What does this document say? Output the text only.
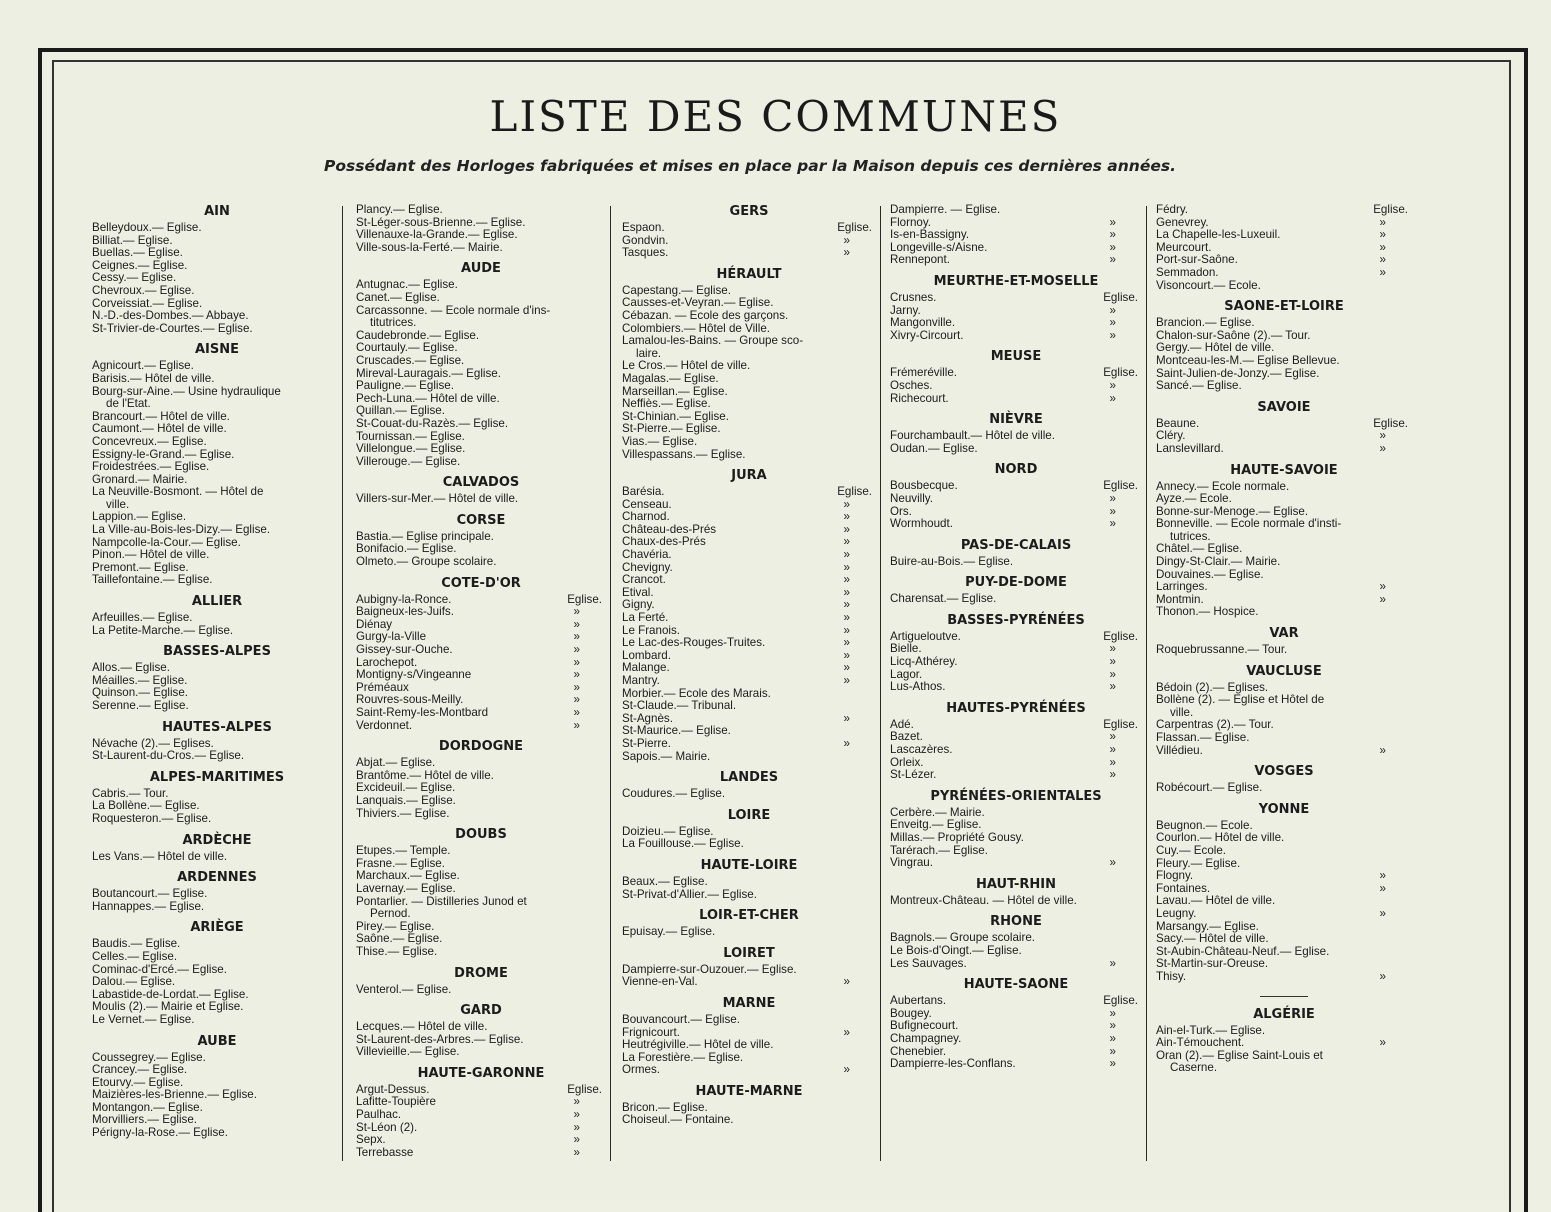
LISTE DES COMMUNES
Possédant des Horloges fabriquées et mises en place par la Maison depuis ces dernières années.
AIN
Belleydoux.— Eglise.
Billiat.— Eglise.
Buellas.— Eglise.
Ceignes.— Eglise.
Cessy.— Eglise.
Chevroux.— Eglise.
Corveissiat.— Eglise.
N.-D.-des-Dombes.— Abbaye.
St-Trivier-de-Courtes.— Eglise.
AISNE
Agnicourt.— Eglise.
Barisis.— Hôtel de ville.
Bourg-sur-Aine.— Usine hydraulique
de l'Etat.
Brancourt.— Hôtel de ville.
Caumont.— Hôtel de ville.
Concevreux.— Eglise.
Essigny-le-Grand.— Eglise.
Froidestrées.— Eglise.
Gronard.— Mairie.
La Neuville-Bosmont. — Hôtel de
ville.
Lappion.— Eglise.
La Ville-au-Bois-les-Dizy.— Eglise.
Nampcolle-la-Cour.— Eglise.
Pinon.— Hôtel de ville.
Premont.— Eglise.
Taillefontaine.— Eglise.
ALLIER
Arfeuilles.— Eglise.
La Petite-Marche.— Eglise.
BASSES-ALPES
Allos.— Eglise.
Méailles.— Eglise.
Quinson.— Eglise.
Serenne.— Eglise.
HAUTES-ALPES
Névache (2).— Eglises.
St-Laurent-du-Cros.— Eglise.
ALPES-MARITIMES
Cabris.— Tour.
La Bollène.— Eglise.
Roquesteron.— Eglise.
ARDÈCHE
Les Vans.— Hôtel de ville.
ARDENNES
Boutancourt.— Eglise.
Hannappes.— Eglise.
ARIÈGE
Baudis.— Eglise.
Celles.— Eglise.
Cominac-d'Ercé.— Eglise.
Dalou.— Eglise.
Labastide-de-Lordat.— Eglise.
Moulis (2).— Mairie et Eglise.
Le Vernet.— Eglise.
AUBE
Coussegrey.— Eglise.
Crancey.— Eglise.
Etourvy.— Eglise.
Maizières-les-Brienne.— Eglise.
Montangon.— Eglise.
Morvilliers.— Eglise.
Périgny-la-Rose.— Eglise.
Plancy.— Eglise.
St-Léger-sous-Brienne.— Eglise.
Villenauxe-la-Grande.— Eglise.
Ville-sous-la-Ferté.— Mairie.
AUDE
Antugnac.— Eglise.
Canet.— Eglise.
Carcassonne. — Ecole normale d'ins-
titutrices.
Caudebronde.— Eglise.
Courtauly.— Eglise.
Cruscades.— Eglise.
Mireval-Lauragais.— Eglise.
Pauligne.— Eglise.
Pech-Luna.— Hôtel de ville.
Quillan.— Eglise.
St-Couat-du-Razès.— Eglise.
Tournissan.— Eglise.
Villelongue.— Eglise.
Villerouge.— Eglise.
CALVADOS
Villers-sur-Mer.— Hôtel de ville.
CORSE
Bastia.— Eglise principale.
Bonifacio.— Eglise.
Olmeto.— Groupe scolaire.
COTE-D'OR
Aubigny-la-Ronce.	Eglise.
Baigneux-les-Juifs.	»
Diénay	»
Gurgy-la-Ville	»
Gissey-sur-Ouche.	»
Larochepot.	»
Montigny-s/Vingeanne	»
Préméaux	»
Rouvres-sous-Meilly.	»
Saint-Remy-les-Montbard	»
Verdonnet.	»
DORDOGNE
Abjat.— Eglise.
Brantôme.— Hôtel de ville.
Excideuil.— Eglise.
Lanquais.— Eglise.
Thiviers.— Eglise.
DOUBS
Etupes.— Temple.
Frasne.— Eglise.
Marchaux.— Eglise.
Lavernay.— Eglise.
Pontarlier. — Distilleries Junod et
Pernod.
Pirey.— Eglise.
Saône.— Eglise.
Thise.— Eglise.
DROME
Venterol.— Eglise.
GARD
Lecques.— Hôtel de ville.
St-Laurent-des-Arbres.— Eglise.
Villevieille.— Eglise.
HAUTE-GARONNE
Argut-Dessus.	Eglise.
Lafitte-Toupière	»
Paulhac.	»
St-Léon (2).	»
Sepx.	»
Terrebasse	»
GERS
Espaon.	Eglise.
Gondvin.	»
Tasques.	»
HÉRAULT
Capestang.— Eglise.
Causses-et-Veyran.— Eglise.
Cébazan. — Ecole des garçons.
Colombiers.— Hôtel de Ville.
Lamalou-les-Bains. — Groupe sco-
laire.
Le Cros.— Hôtel de ville.
Magalas.— Eglise.
Marseillan.— Eglise.
Neffiès.— Eglise.
St-Chinian.— Eglise.
St-Pierre.— Eglise.
Vias.— Eglise.
Villespassans.— Eglise.
JURA
Barésia.	Eglise.
Censeau.	»
Charnod.	»
Château-des-Prés	»
Chaux-des-Prés	»
Chavéria.	»
Chevigny.	»
Crancot.	»
Etival.	»
Gigny.	»
La Ferté.	»
Le Franois.	»
Le Lac-des-Rouges-Truites.	»
Lombard.	»
Malange.	»
Mantry.	»
Morbier.— Ecole des Marais.
St-Claude.— Tribunal.
St-Agnès.	»
St-Maurice.— Eglise.
St-Pierre.	»
Sapois.— Mairie.
LANDES
Coudures.— Eglise.
LOIRE
Doizieu.— Eglise.
La Fouillouse.— Eglise.
HAUTE-LOIRE
Beaux.— Eglise.
St-Privat-d'Allier.— Eglise.
LOIR-ET-CHER
Epuisay.— Eglise.
LOIRET
Dampierre-sur-Ouzouer.— Eglise.
Vienne-en-Val.	»
MARNE
Bouvancourt.— Eglise.
Frignicourt.	»
Heutrégiville.— Hôtel de ville.
La Forestière.— Eglise.
Ormes.	»
HAUTE-MARNE
Bricon.— Eglise.
Choiseul.— Fontaine.
Dampierre. — Eglise.
Flornoy.	»
Is-en-Bassigny.	»
Longeville-s/Aisne.	»
Rennepont.	»
MEURTHE-ET-MOSELLE
Crusnes.	Eglise.
Jarny.	»
Mangonville.	»
Xivry-Circourt.	»
MEUSE
Frémeréville.	Eglise.
Osches.	»
Richecourt.	»
NIÈVRE
Fourchambault.— Hôtel de ville.
Oudan.— Eglise.
NORD
Bousbecque.	Eglise.
Neuvilly.	»
Ors.	»
Wormhoudt.	»
PAS-DE-CALAIS
Buire-au-Bois.— Eglise.
PUY-DE-DOME
Charensat.— Eglise.
BASSES-PYRÉNÉES
Artigueloutve.	Eglise.
Bielle.	»
Licq-Athérey.	»
Lagor.	»
Lus-Athos.	»
HAUTES-PYRÉNÉES
Adé.	Eglise.
Bazet.	»
Lascazères.	»
Orleix.	»
St-Lézer.	»
PYRÉNÉES-ORIENTALES
Cerbère.— Mairie.
Enveitg.— Eglise.
Millas.— Propriété Gousy.
Tarérach.— Eglise.
Vingrau.	»
HAUT-RHIN
Montreux-Château. — Hôtel de ville.
RHONE
Bagnols.— Groupe scolaire.
Le Bois-d'Oingt.— Eglise.
Les Sauvages.	»
HAUTE-SAONE
Aubertans.	Eglise.
Bougey.	»
Bufignecourt.	»
Champagney.	»
Chenebier.	»
Dampierre-les-Conflans.	»
Fédry.	Eglise.
Genevrey.	»
La Chapelle-les-Luxeuil.	»
Meurcourt.	»
Port-sur-Saône.	»
Semmadon.	»
Visoncourt.— Ecole.
SAONE-ET-LOIRE
Brancion.— Eglise.
Chalon-sur-Saône (2).— Tour.
Gergy.— Hôtel de ville.
Montceau-les-M.— Eglise Bellevue.
Saint-Julien-de-Jonzy.— Eglise.
Sancé.— Eglise.
SAVOIE
Beaune.	Eglise.
Cléry.	»
Lanslevillard.	»
HAUTE-SAVOIE
Annecy.— Ecole normale.
Ayze.— Ecole.
Bonne-sur-Menoge.— Eglise.
Bonneville. — Ecole normale d'insti-
tutrices.
Châtel.— Eglise.
Dingy-St-Clair.— Mairie.
Douvaines.— Eglise.
Larringes.	»
Montmin.	»
Thonon.— Hospice.
VAR
Roquebrussanne.— Tour.
VAUCLUSE
Bédoin (2).— Eglises.
Bollène (2). — Eglise et Hôtel de
ville.
Carpentras (2).— Tour.
Flassan.— Eglise.
Villédieu.	»
VOSGES
Robécourt.— Eglise.
YONNE
Beugnon.— Ecole.
Courlon.— Hôtel de ville.
Cuy.— Ecole.
Fleury.— Eglise.
Flogny.	»
Fontaines.	»
Lavau.— Hôtel de ville.
Leugny.	»
Marsangy.— Eglise.
Sacy.— Hôtel de ville.
St-Aubin-Château-Neuf.— Eglise.
St-Martin-sur-Oreuse.
Thisy.	»
ALGÉRIE
Ain-el-Turk.— Eglise.
Ain-Témouchent.	»
Oran (2).— Eglise Saint-Louis et
Caserne.
